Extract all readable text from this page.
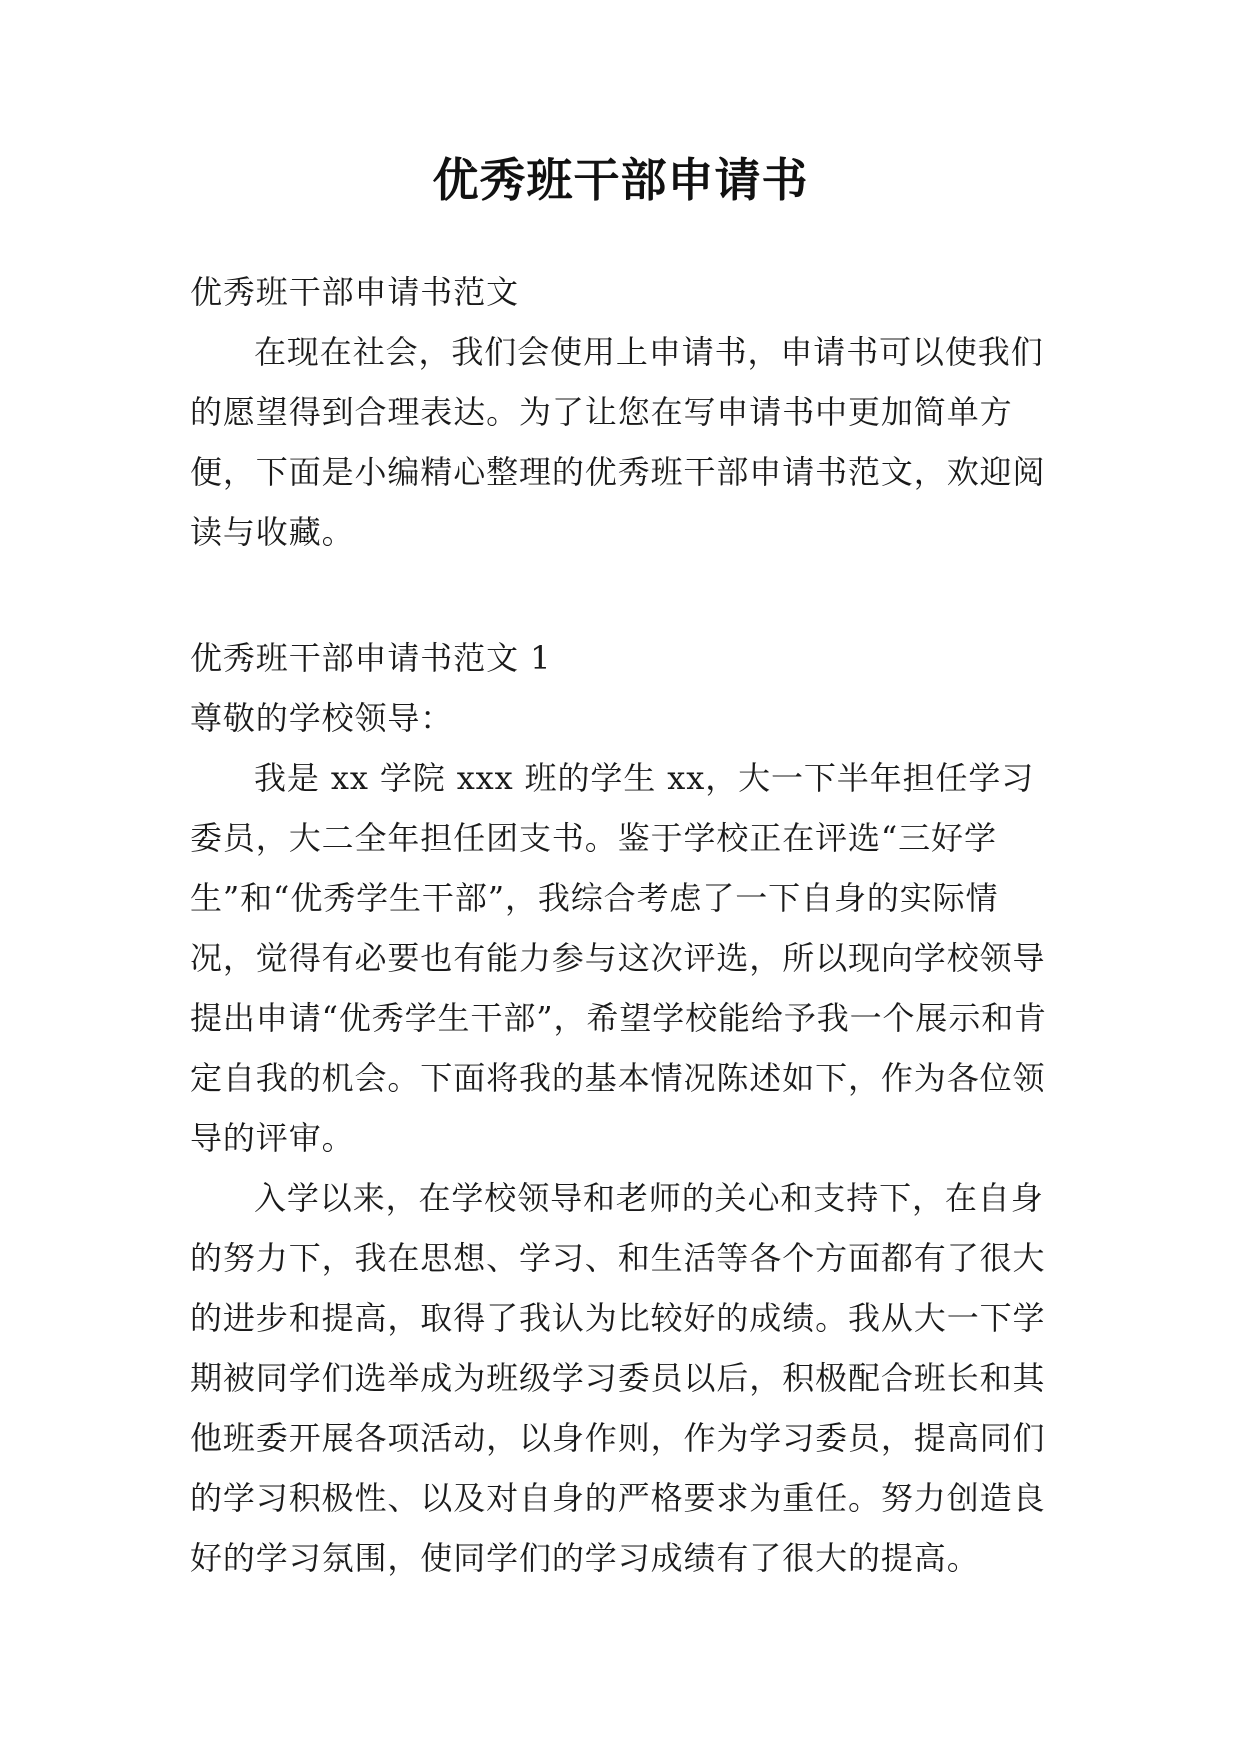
优秀班干部申请书

优秀班干部申请书范文

在现在社会，我们会使用上申请书，申请书可以使我们的愿望得到合理表达。为了让您在写申请书中更加简单方便，下面是小编精心整理的优秀班干部申请书范文，欢迎阅读与收藏。

优秀班干部申请书范文 1

尊敬的学校领导：

我是 xx 学院 xxx 班的学生 xx，大一下半年担任学习委员，大二全年担任团支书。鉴于学校正在评选“三好学生”和“优秀学生干部”，我综合考虑了一下自身的实际情况，觉得有必要也有能力参与这次评选，所以现向学校领导提出申请“优秀学生干部”，希望学校能给予我一个展示和肯定自我的机会。下面将我的基本情况陈述如下，作为各位领导的评审。

入学以来，在学校领导和老师的关心和支持下，在自身的努力下，我在思想、学习、和生活等各个方面都有了很大的进步和提高，取得了我认为比较好的成绩。我从大一下学期被同学们选举成为班级学习委员以后，积极配合班长和其他班委开展各项活动，以身作则，作为学习委员，提高同们的学习积极性、以及对自身的严格要求为重任。努力创造良好的学习氛围，使同学们的学习成绩有了很大的提高。
